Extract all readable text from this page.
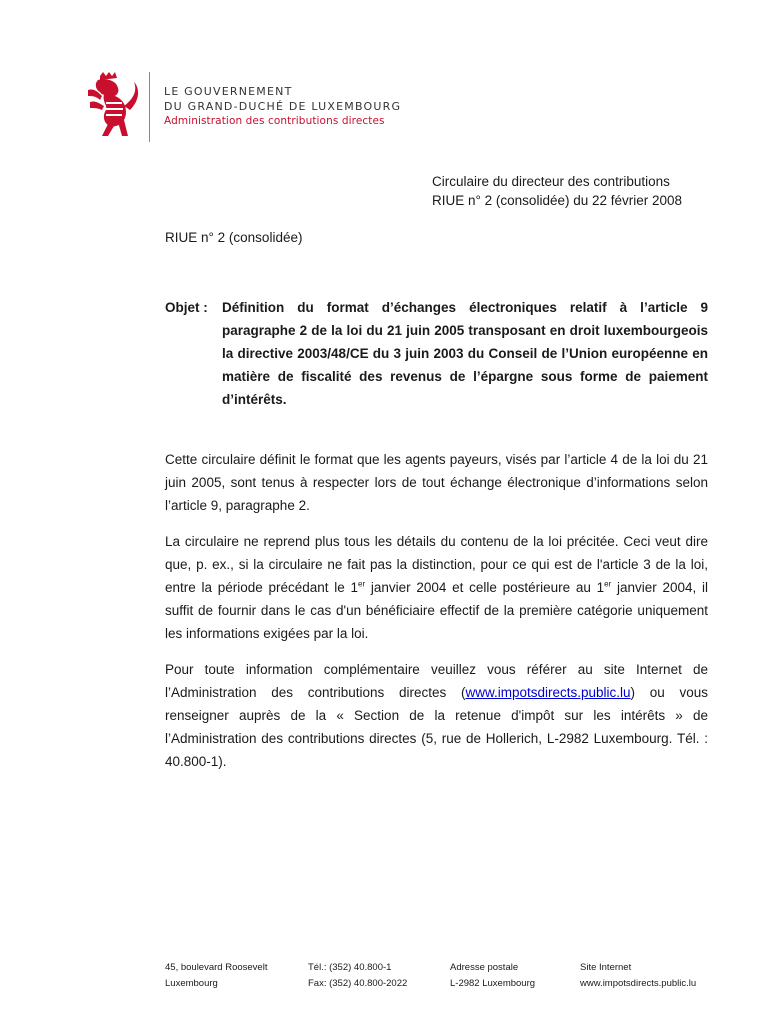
LE GOUVERNEMENT
DU GRAND-DUCHÉ DE LUXEMBOURG
Administration des contributions directes
Circulaire du directeur des contributions
RIUE n° 2 (consolidée) du 22 février 2008
RIUE n° 2 (consolidée)
Objet : Définition du format d’échanges électroniques relatif à l’article 9 paragraphe 2 de la loi du 21 juin 2005 transposant en droit luxembourgeois la directive 2003/48/CE du 3 juin 2003 du Conseil de l’Union européenne en matière de fiscalité des revenus de l’épargne sous forme de paiement d’intérêts.

Cette circulaire définit le format que les agents payeurs, visés par l’article 4 de la loi du 21 juin 2005, sont tenus à respecter lors de tout échange électronique d’informations selon l’article 9, paragraphe 2.

La circulaire ne reprend plus tous les détails du contenu de la loi précitée. Ceci veut dire que, p. ex., si la circulaire ne fait pas la distinction, pour ce qui est de l'article 3 de la loi, entre la période précédant le 1er janvier 2004 et celle postérieure au 1er janvier 2004, il suffit de fournir dans le cas d'un bénéficiaire effectif de la première catégorie uniquement les informations exigées par la loi.

Pour toute information complémentaire veuillez vous référer au site Internet de l’Administration des contributions directes (www.impotsdirects.public.lu) ou vous renseigner auprès de la « Section de la retenue d'impôt sur les intérêts » de l’Administration des contributions directes (5, rue de Hollerich, L-2982 Luxembourg. Tél. : 40.800-1).

45, boulevard Roosevelt
Luxembourg
Tél.: (352) 40.800-1
Fax: (352) 40.800-2022
Adresse postale
L-2982 Luxembourg
Site Internet
www.impotsdirects.public.lu
